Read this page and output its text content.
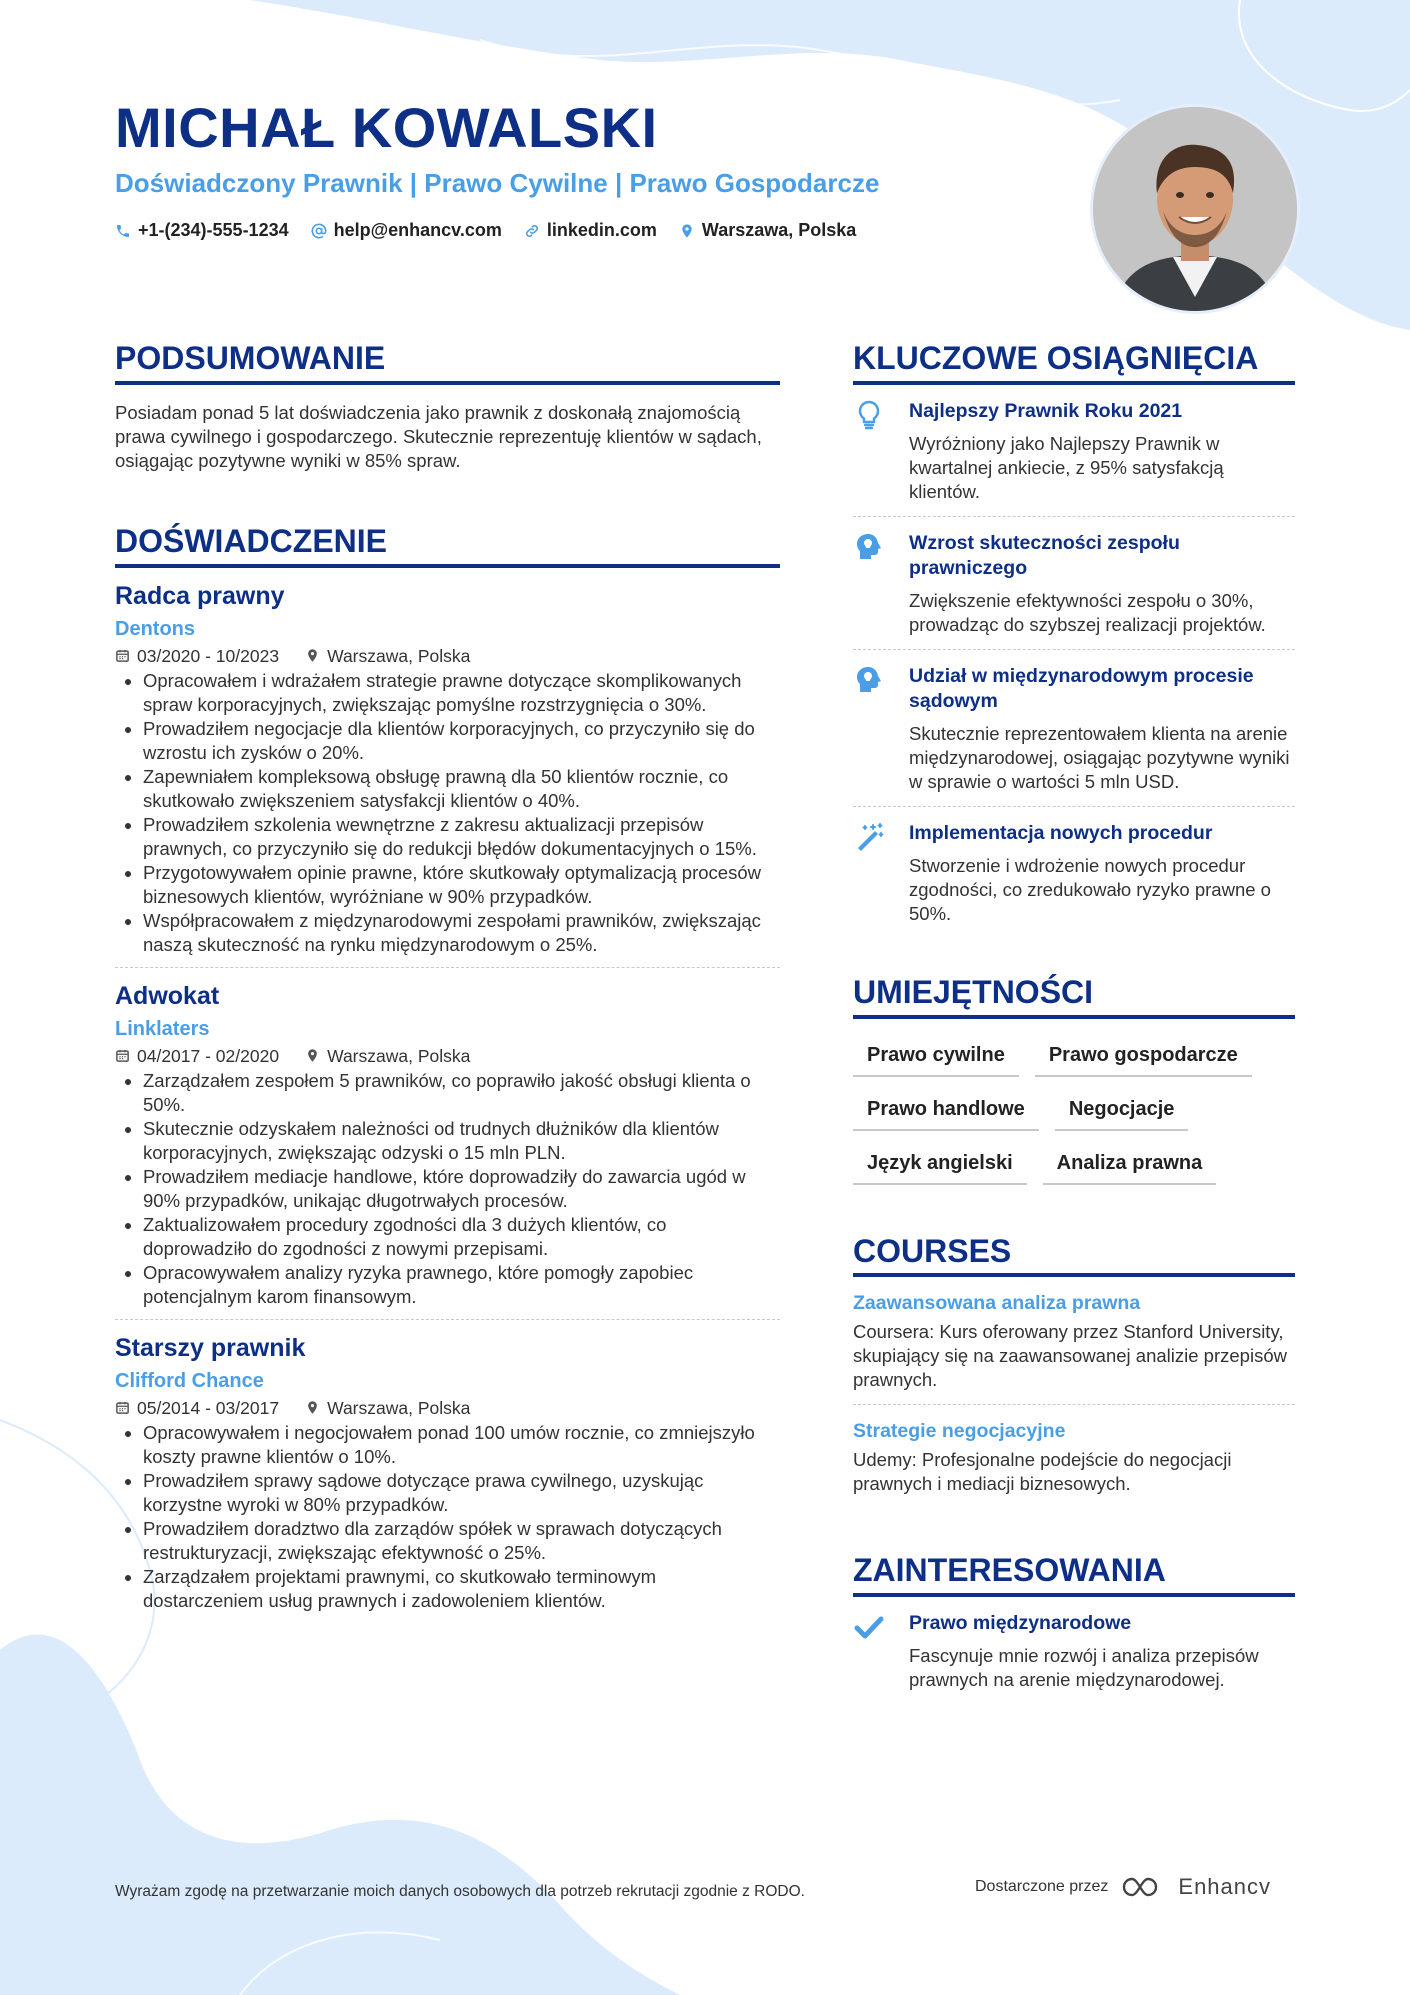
MICHAŁ KOWALSKI
Doświadczony Prawnik | Prawo Cywilne | Prawo Gospodarcze
+1-(234)-555-1234	help@enhancv.com	linkedin.com	Warszawa, Polska
PODSUMOWANIE

Posiadam ponad 5 lat doświadczenia jako prawnik z doskonałą znajomością prawa cywilnego i gospodarczego. Skutecznie reprezentuję klientów w sądach, osiągając pozytywne wyniki w 85% spraw.

DOŚWIADCZENIE
Radca prawny
Dentons
03/2020 - 10/2023	Warszawa, Polska
• Opracowałem i wdrażałem strategie prawne dotyczące skomplikowanych spraw korporacyjnych, zwiększając pomyślne rozstrzygnięcia o 30%.
• Prowadziłem negocjacje dla klientów korporacyjnych, co przyczyniło się do wzrostu ich zysków o 20%.
• Zapewniałem kompleksową obsługę prawną dla 50 klientów rocznie, co skutkowało zwiększeniem satysfakcji klientów o 40%.
• Prowadziłem szkolenia wewnętrzne z zakresu aktualizacji przepisów prawnych, co przyczyniło się do redukcji błędów dokumentacyjnych o 15%.
• Przygotowywałem opinie prawne, które skutkowały optymalizacją procesów biznesowych klientów, wyróżniane w 90% przypadków.
• Współpracowałem z międzynarodowymi zespołami prawników, zwiększając naszą skuteczność na rynku międzynarodowym o 25%.
Adwokat
Linklaters
04/2017 - 02/2020	Warszawa, Polska
• Zarządzałem zespołem 5 prawników, co poprawiło jakość obsługi klienta o 50%.
• Skutecznie odzyskałem należności od trudnych dłużników dla klientów korporacyjnych, zwiększając odzyski o 15 mln PLN.
• Prowadziłem mediacje handlowe, które doprowadziły do zawarcia ugód w 90% przypadków, unikając długotrwałych procesów.
• Zaktualizowałem procedury zgodności dla 3 dużych klientów, co doprowadziło do zgodności z nowymi przepisami.
• Opracowywałem analizy ryzyka prawnego, które pomogły zapobiec potencjalnym karom finansowym.
Starszy prawnik
Clifford Chance
05/2014 - 03/2017	Warszawa, Polska
• Opracowywałem i negocjowałem ponad 100 umów rocznie, co zmniejszyło koszty prawne klientów o 10%.
• Prowadziłem sprawy sądowe dotyczące prawa cywilnego, uzyskując korzystne wyroki w 80% przypadków.
• Prowadziłem doradztwo dla zarządów spółek w sprawach dotyczących restrukturyzacji, zwiększając efektywność o 25%.
• Zarządzałem projektami prawnymi, co skutkowało terminowym dostarczeniem usług prawnych i zadowoleniem klientów.
KLUCZOWE OSIĄGNIĘCIA
Najlepszy Prawnik Roku 2021
Wyróżniony jako Najlepszy Prawnik w kwartalnej ankiecie, z 95% satysfakcją klientów.
Wzrost skuteczności zespołu prawniczego
Zwiększenie efektywności zespołu o 30%, prowadząc do szybszej realizacji projektów.
Udział w międzynarodowym procesie sądowym
Skutecznie reprezentowałem klienta na arenie międzynarodowej, osiągając pozytywne wyniki w sprawie o wartości 5 mln USD.
Implementacja nowych procedur
Stworzenie i wdrożenie nowych procedur zgodności, co zredukowało ryzyko prawne o 50%.
UMIEJĘTNOŚCI
Prawo cywilne	Prawo gospodarcze
Prawo handlowe	Negocjacje
Język angielski	Analiza prawna
COURSES
Zaawansowana analiza prawna
Coursera: Kurs oferowany przez Stanford University, skupiający się na zaawansowanej analizie przepisów prawnych.
Strategie negocjacyjne
Udemy: Profesjonalne podejście do negocjacji prawnych i mediacji biznesowych.
ZAINTERESOWANIA
Prawo międzynarodowe
Fascynuje mnie rozwój i analiza przepisów prawnych na arenie międzynarodowej.
Wyrażam zgodę na przetwarzanie moich danych osobowych dla potrzeb rekrutacji zgodnie z RODO.	Dostarczone przez	Enhancv
